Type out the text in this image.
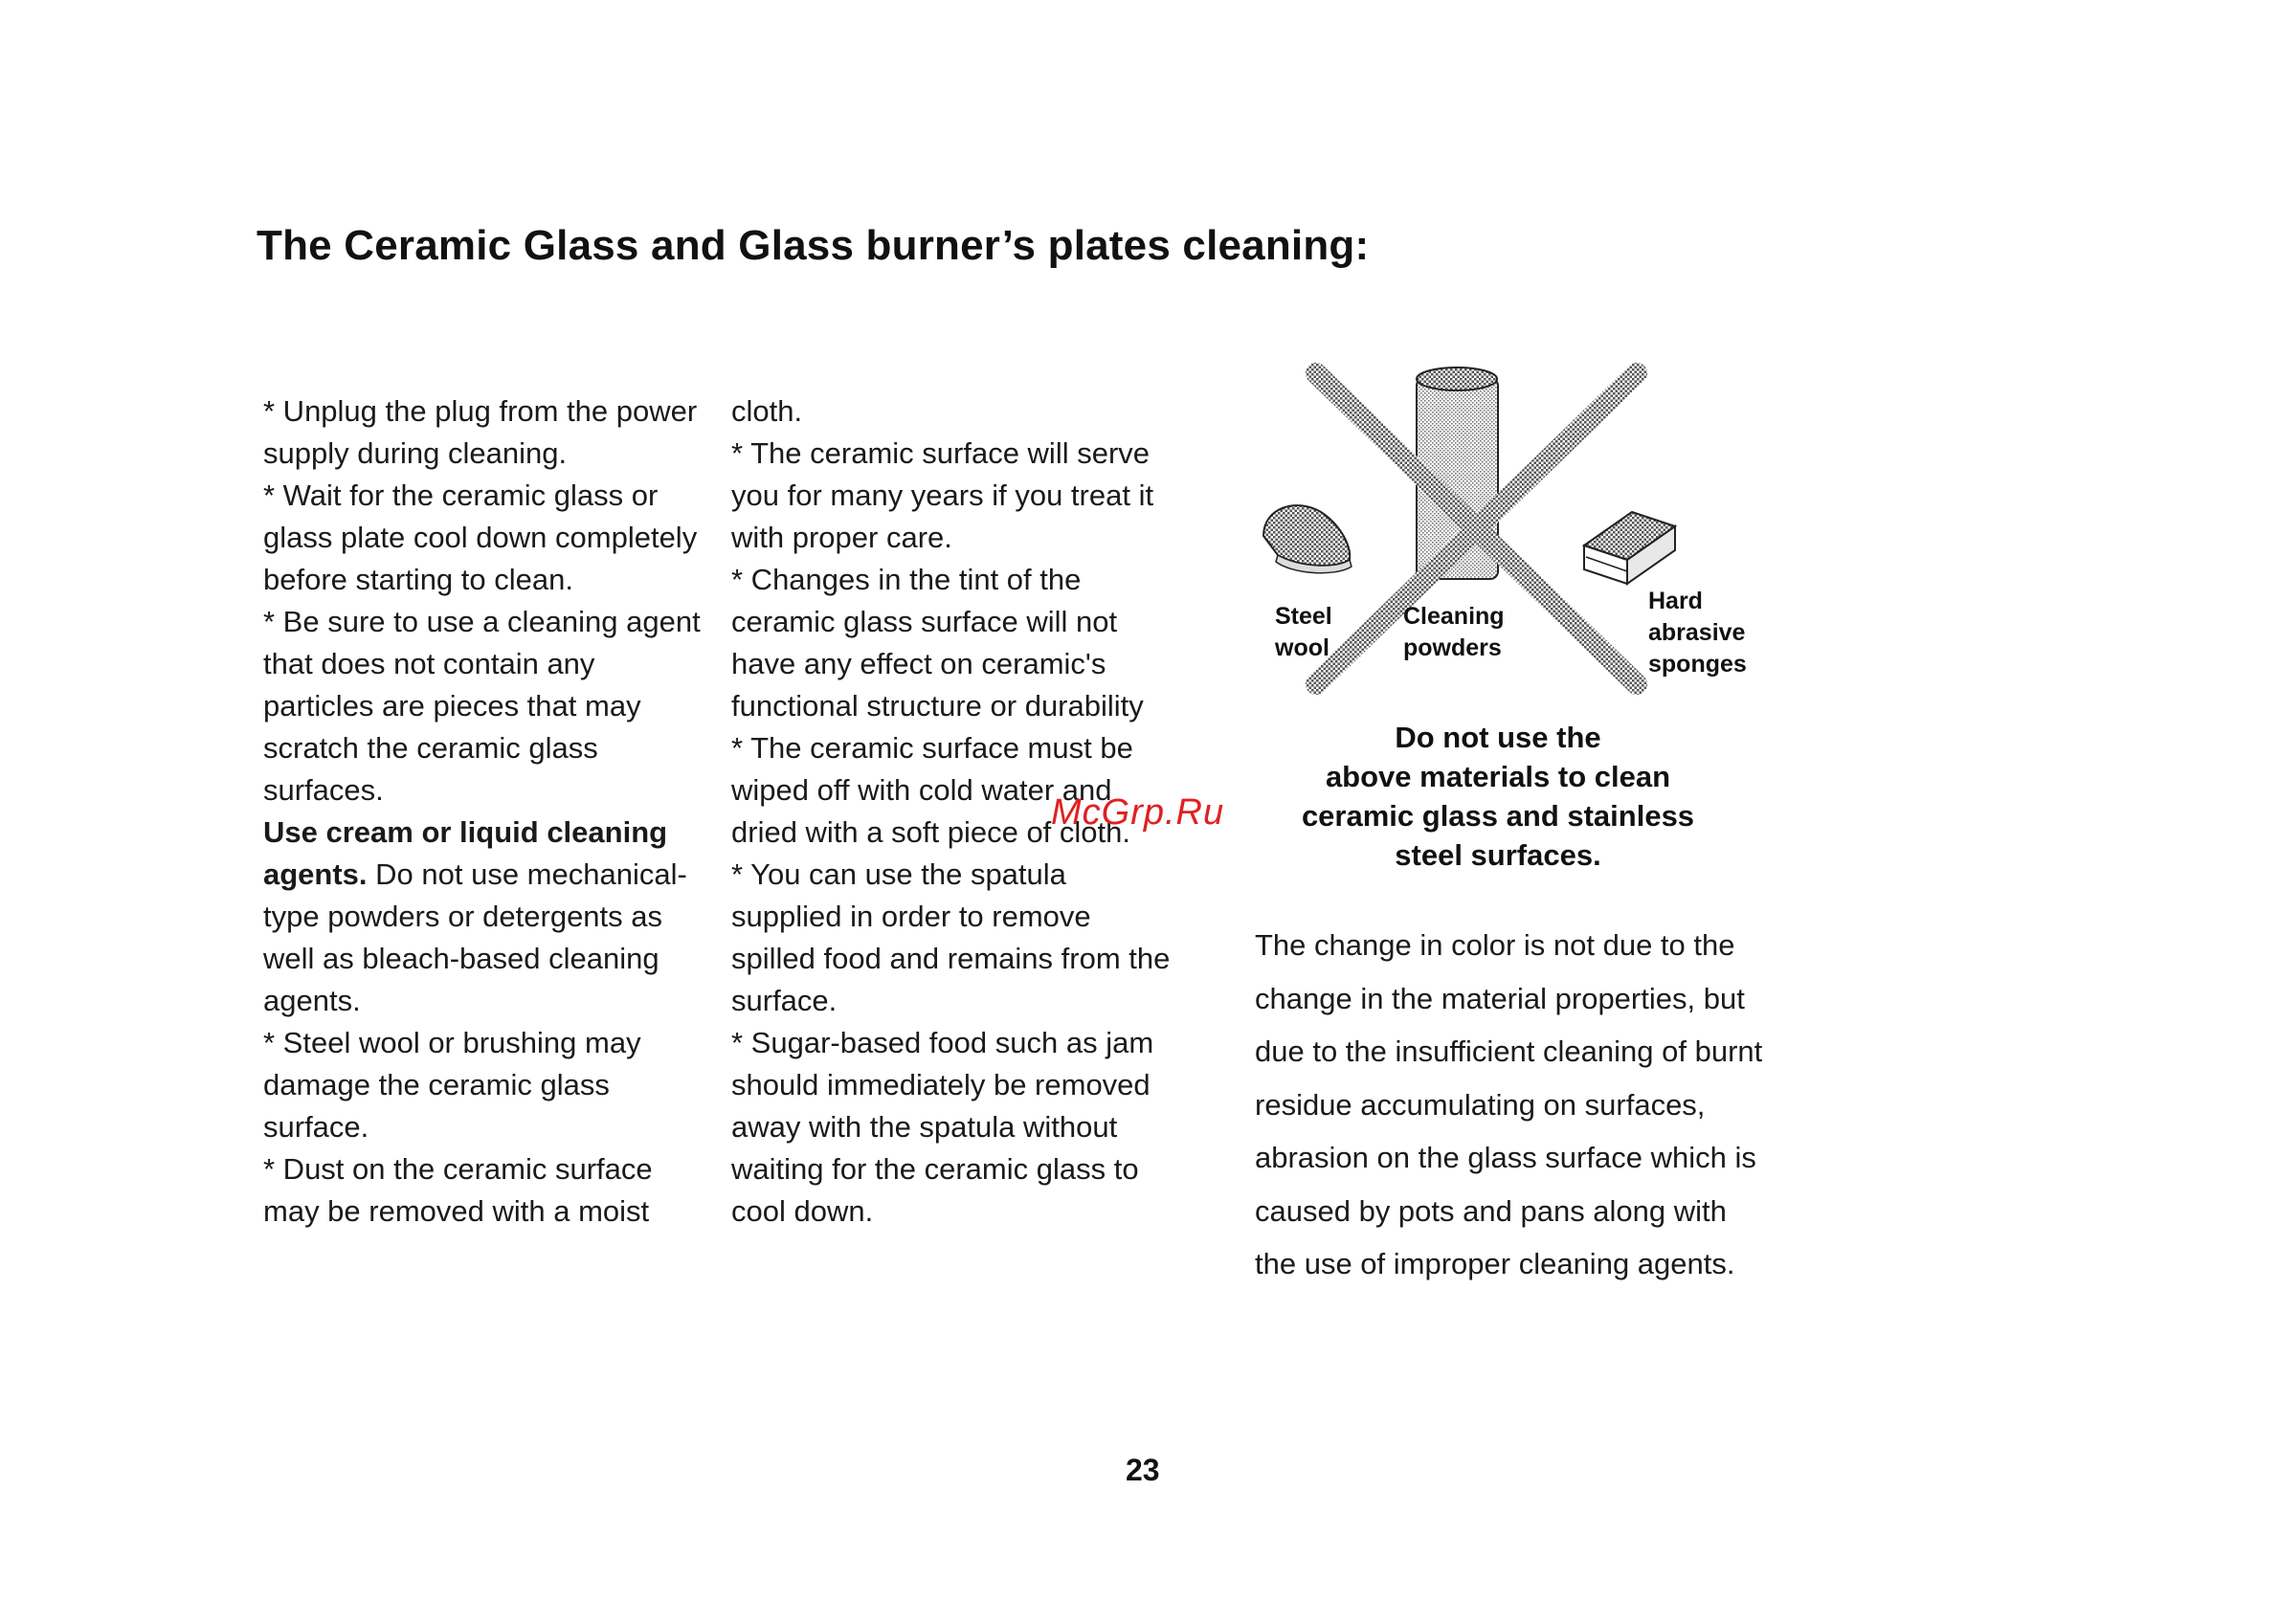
The Ceramic Glass and Glass burner’s plates cleaning:

* Unplug the plug from the power supply during cleaning.

* Wait for the ceramic glass or glass plate cool down completely before starting to clean.

* Be sure to use a cleaning agent that does not contain any particles are pieces that may scratch the ceramic glass surfaces.

Use cream or liquid cleaning agents. Do not use mechanical-type powders or detergents as well as bleach-based cleaning agents.

* Steel wool or brushing may damage the ceramic glass surface.

* Dust on the ceramic surface may be removed with a moist

cloth.

* The ceramic surface will serve you for many years if you treat it with proper care.

* Changes in the tint of the ceramic glass surface will not have any effect on ceramic's functional structure or durability

* The ceramic surface must be wiped off with cold water and dried with a soft piece of cloth.

* You can use the spatula supplied in order to remove spilled food and remains from the surface.

* Sugar-based food such as jam should immediately be removed away with the spatula without waiting for the ceramic glass to cool down.

Steel
wool
Cleaning
powders
Hard
abrasive
sponges
Do not use the
above materials to clean
ceramic glass and stainless
steel surfaces.
The change in color is not due to the
change in the material properties, but
due to the insufficient cleaning of burnt
residue accumulating on surfaces,
abrasion on the glass surface which is
caused by pots and pans along with
the use of improper cleaning agents.
McGrp.Ru
23
